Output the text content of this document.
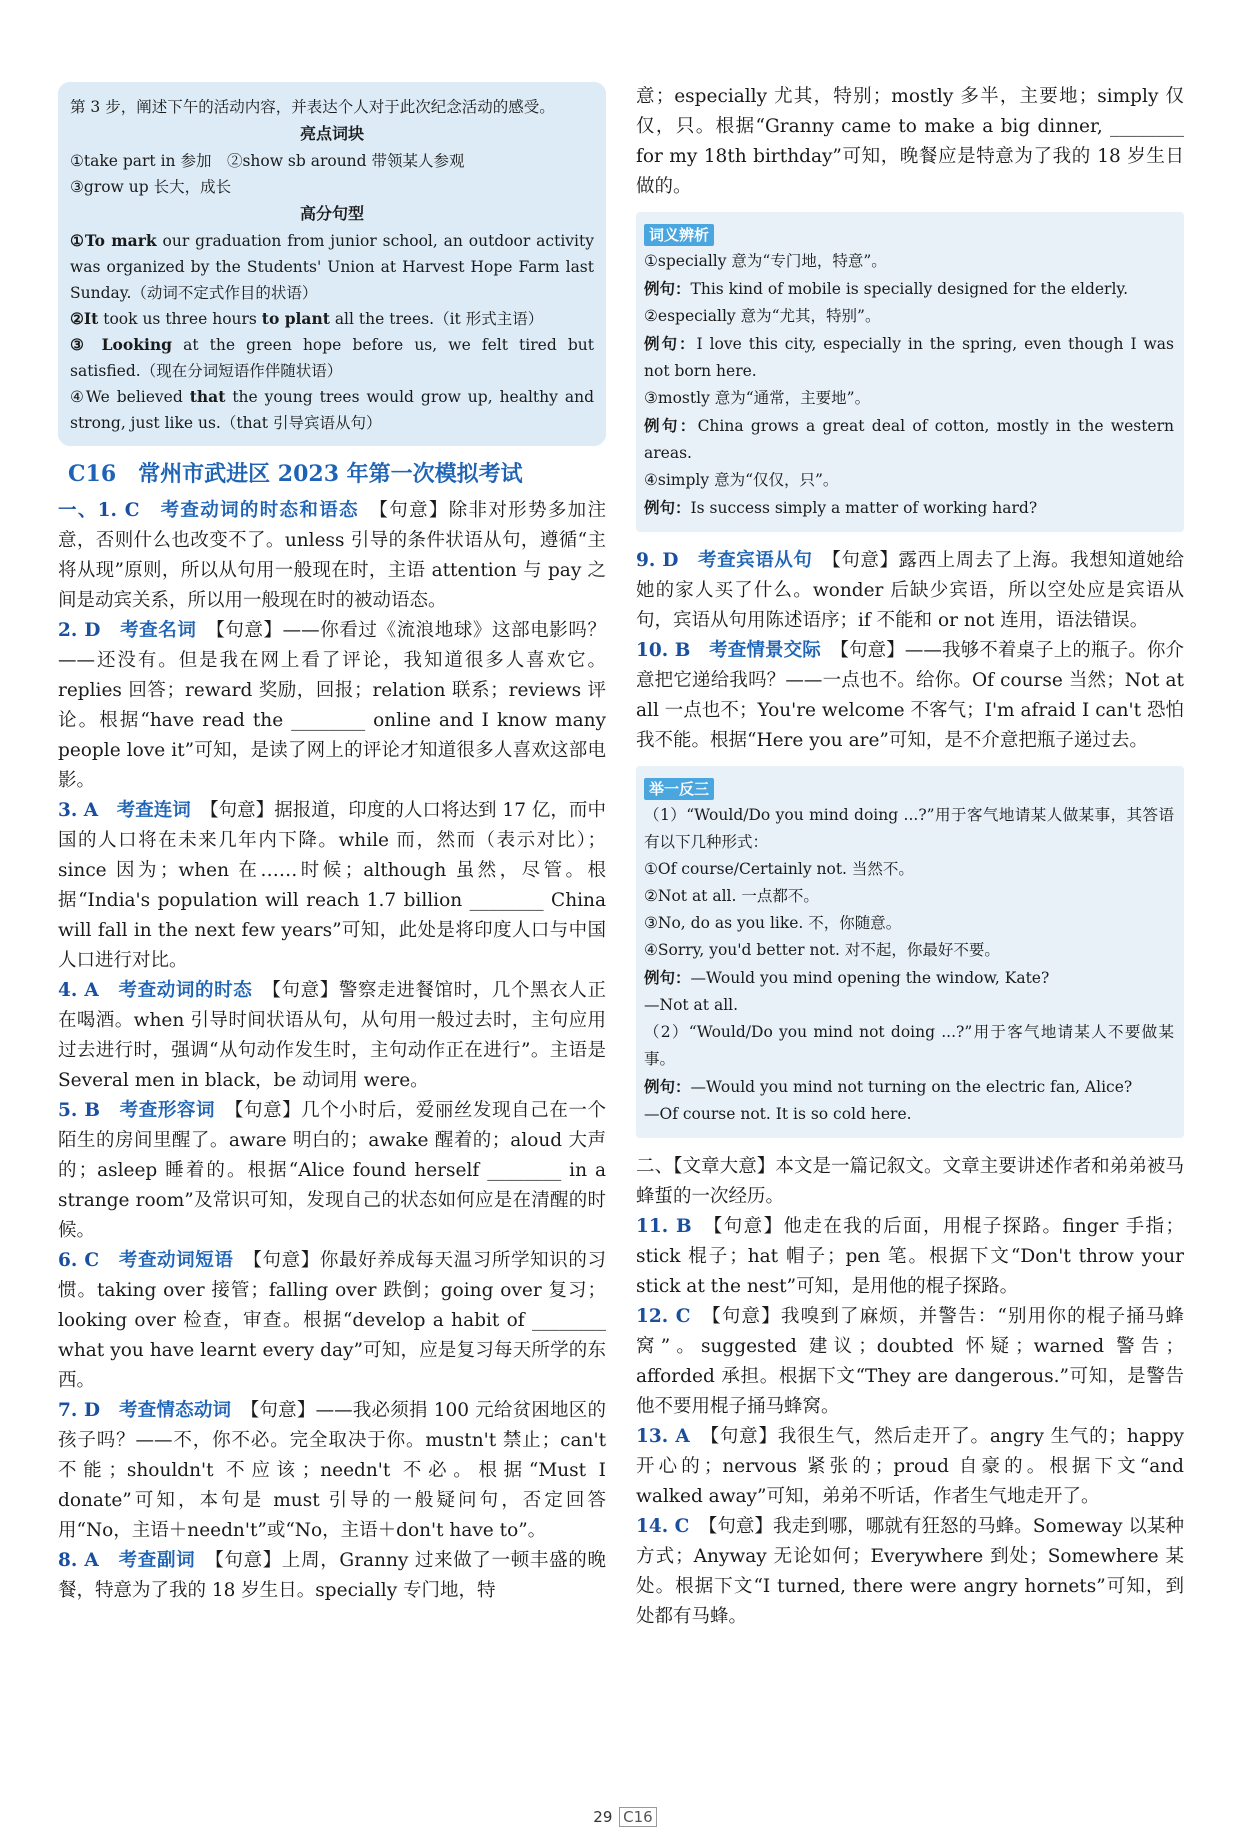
第 3 步，阐述下午的活动内容，并表达个人对于此次纪念活动的感受。

亮点词块

①take part in 参加　②show sb around 带领某人参观

③grow up 长大，成长

高分句型

①To mark our graduation from junior school, an outdoor activity was organized by the Students' Union at Harvest Hope Farm last Sunday.（动词不定式作目的状语）

②It took us three hours to plant all the trees.（it 形式主语）

③ Looking at the green hope before us, we felt tired but satisfied.（现在分词短语作伴随状语）

④We believed that the young trees would grow up, healthy and strong, just like us.（that 引导宾语从句）

C16　常州市武进区 2023 年第一次模拟考试

一、1. C　 考查动词的时态和语态　 【句意】除非对形势多加注意，否则什么也改变不了。unless 引导的条件状语从句，遵循“主将从现”原则，所以从句用一般现在时，主语 attention 与 pay 之间是动宾关系，所以用一般现在时的被动语态。

2. D　 考查名词　 【句意】——你看过《流浪地球》这部电影吗？——还没有。但是我在网上看了评论，我知道很多人喜欢它。replies 回答；reward 奖励，回报；relation 联系；reviews 评论。根据“have read the ________ online and I know many people love it”可知，是读了网上的评论才知道很多人喜欢这部电影。

3. A　 考查连词　 【句意】据报道，印度的人口将达到 17 亿，而中国的人口将在未来几年内下降。while 而，然而（表示对比）；since 因为；when 在……时候；although 虽然，尽管。根据“India's population will reach 1.7 billion ________ China will fall in the next few years”可知，此处是将印度人口与中国人口进行对比。

4. A　 考查动词的时态　 【句意】警察走进餐馆时，几个黑衣人正在喝酒。when 引导时间状语从句，从句用一般过去时，主句应用过去进行时，强调“从句动作发生时，主句动作正在进行”。主语是 Several men in black，be 动词用 were。

5. B　 考查形容词　 【句意】几个小时后，爱丽丝发现自己在一个陌生的房间里醒了。aware 明白的；awake 醒着的；aloud 大声的；asleep 睡着的。根据“Alice found herself ________ in a strange room”及常识可知，发现自己的状态如何应是在清醒的时候。

6. C　 考查动词短语　 【句意】你最好养成每天温习所学知识的习惯。taking over 接管；falling over 跌倒；going over 复习；looking over 检查，审查。根据“develop a habit of ________ what you have learnt every day”可知，应是复习每天所学的东西。

7. D　 考查情态动词　 【句意】——我必须捐 100 元给贫困地区的孩子吗？——不，你不必。完全取决于你。mustn't 禁止；can't 不能；shouldn't 不应该；needn't 不必。根据“Must I donate”可知，本句是 must 引导的一般疑问句，否定回答用“No，主语＋needn't”或“No，主语＋don't have to”。

8. A　 考查副词　 【句意】上周，Granny 过来做了一顿丰盛的晚餐，特意为了我的 18 岁生日。specially 专门地，特

意；especially 尤其，特别；mostly 多半，主要地；simply 仅仅，只。根据“Granny came to make a big dinner, ________ for my 18th birthday”可知，晚餐应是特意为了我的 18 岁生日做的。

词义辨析

①specially 意为“专门地，特意”。

例句：This kind of mobile is specially designed for the elderly.

②especially 意为“尤其，特别”。

例句：I love this city, especially in the spring, even though I was not born here.

③mostly 意为“通常，主要地”。

例句：China grows a great deal of cotton, mostly in the western areas.

④simply 意为“仅仅，只”。

例句：Is success simply a matter of working hard?

9. D　 考查宾语从句　 【句意】露西上周去了上海。我想知道她给她的家人买了什么。wonder 后缺少宾语，所以空处应是宾语从句，宾语从句用陈述语序；if 不能和 or not 连用，语法错误。

10. B　 考查情景交际　 【句意】——我够不着桌子上的瓶子。你介意把它递给我吗？——一点也不。给你。Of course 当然；Not at all 一点也不；You're welcome 不客气；I'm afraid I can't 恐怕我不能。根据“Here you are”可知，是不介意把瓶子递过去。

举一反三

（1）“Would/Do you mind doing ...?”用于客气地请某人做某事，其答语有以下几种形式：

①Of course/Certainly not. 当然不。

②Not at all. 一点都不。

③No, do as you like. 不，你随意。

④Sorry, you'd better not. 对不起，你最好不要。

例句：—Would you mind opening the window, Kate?

—Not at all.

（2）“Would/Do you mind not doing ...?”用于客气地请某人不要做某事。

例句：—Would you mind not turning on the electric fan, Alice?

—Of course not. It is so cold here.

二、【文章大意】本文是一篇记叙文。文章主要讲述作者和弟弟被马蜂蜇的一次经历。

11. B　 【句意】他走在我的后面，用棍子探路。finger 手指；stick 棍子；hat 帽子；pen 笔。根据下文“Don't throw your stick at the nest”可知，是用他的棍子探路。

12. C　 【句意】我嗅到了麻烦，并警告：“别用你的棍子捅马蜂窝”。suggested 建议；doubted 怀疑；warned 警告；afforded 承担。根据下文“They are dangerous.”可知，是警告他不要用棍子捅马蜂窝。

13. A　 【句意】我很生气，然后走开了。angry 生气的；happy 开心的；nervous 紧张的；proud 自豪的。根据下文“and walked away”可知，弟弟不听话，作者生气地走开了。

14. C　 【句意】我走到哪，哪就有狂怒的马蜂。Someway 以某种方式；Anyway 无论如何；Everywhere 到处；Somewhere 某处。根据下文“I turned, there were angry hornets”可知，到处都有马蜂。

29 C16
